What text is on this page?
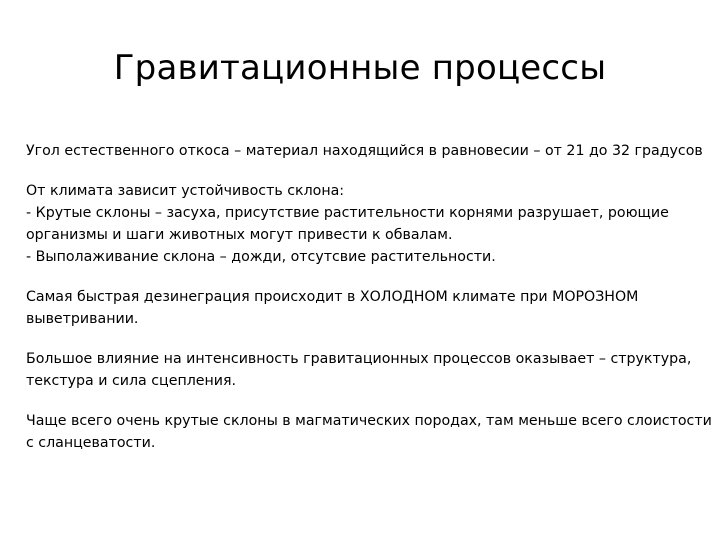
Гравитационные процессы

Угол естественного откоса – материал находящийся в равновесии – от 21 до 32 градусов

От климата зависит устойчивость склона:
- Крутые склоны – засуха, присутствие растительности корнями разрушает, роющие
организмы и шаги животных могут привести к обвалам.
- Выполаживание склона – дожди, отсутсвие растительности.

Самая быстрая дезинеграция происходит в ХОЛОДНОМ климате при МОРОЗНОМ
выветривании.

Большое влияние на интенсивность гравитационных процессов оказывает – структура,
текстура и сила сцепления.

Чаще всего очень крутые склоны в магматических породах, там меньше всего слоистости
с сланцеватости.
